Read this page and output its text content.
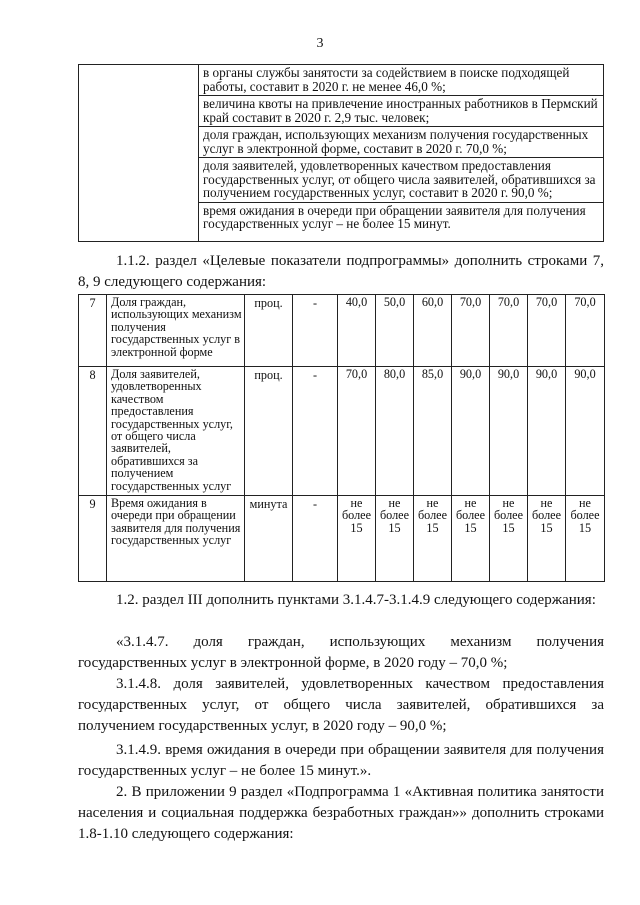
3

в органы службы занятости за содействием в поиске подходящей работы, составит в 2020 г. не менее 46,0 %;
величина квоты на привлечение иностранных работников в Пермский край составит в 2020 г. 2,9 тыс. человек;
доля граждан, использующих механизм получения государственных услуг в электронной форме, составит в 2020 г. 70,0 %;
доля заявителей, удовлетворенных качеством предоставления государственных услуг, от общего числа заявителей, обратившихся за получением государственных услуг, составит в 2020 г. 90,0 %;
время ожидания в очереди при обращении заявителя для получения государственных услуг – не более 15 минут.
1.1.2. раздел «Целевые показатели подпрограммы» дополнить строками 7, 8, 9 следующего содержания:
7	Доля граждан, использующих механизм получения государственных услуг в электронной форме	проц.	-	40,0	50,0	60,0	70,0	70,0	70,0	70,0
8	Доля заявителей, удовлетворенных качеством предоставления государственных услуг, от общего числа заявителей, обратившихся за получением государственных услуг	проц.	-	70,0	80,0	85,0	90,0	90,0	90,0	90,0
9	Время ожидания в очереди при обращении заявителя для получения государственных услуг	минута	-	не более 15	не более 15	не более 15	не более 15	не более 15	не более 15	не более 15
1.2. раздел III дополнить пунктами 3.1.4.7-3.1.4.9 следующего содержания:
«3.1.4.7. доля граждан, использующих механизм получения государственных услуг в электронной форме, в 2020 году – 70,0 %;
3.1.4.8. доля заявителей, удовлетворенных качеством предоставления государственных услуг, от общего числа заявителей, обратившихся за получением государственных услуг, в 2020 году – 90,0 %;
3.1.4.9. время ожидания в очереди при обращении заявителя для получения государственных услуг – не более 15 минут.».
2. В приложении 9 раздел «Подпрограмма 1 «Активная политика занятости населения и социальная поддержка безработных граждан»» дополнить строками 1.8-1.10 следующего содержания:
